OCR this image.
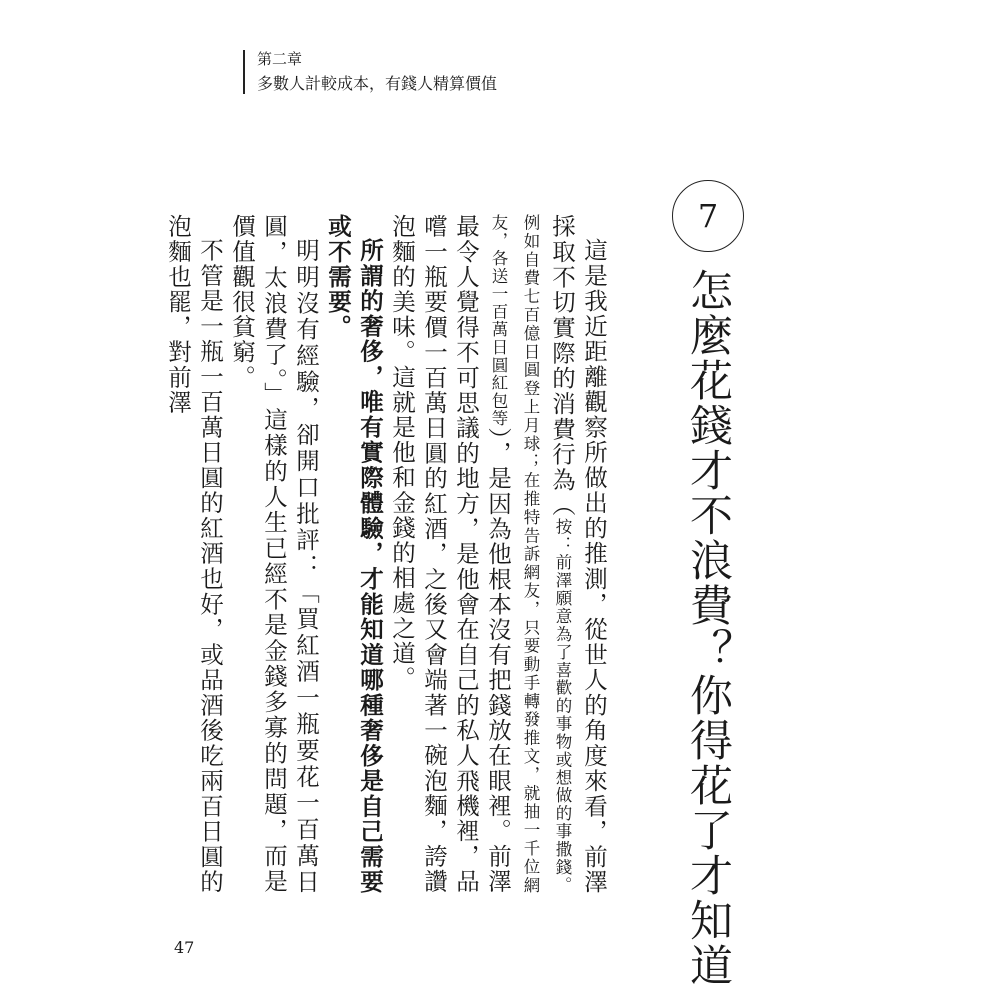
第二章
多數人計較成本，有錢人精算價值
7
怎麼花錢才不浪費？你得花了才知道

這是我近距離觀察所做出的推測，從世人的角度來看，前澤採取不切實際的消費行為（按：前澤願意為了喜歡的事物或想做的事撒錢。例如自費七百億日圓登上月球；在推特告訴網友，只要動手轉發推文，就抽一千位網友，各送一百萬日圓紅包等），是因為他根本沒有把錢放在眼裡。前澤最令人覺得不可思議的地方，是他會在自己的私人飛機裡，品嚐一瓶要價一百萬日圓的紅酒，之後又會端著一碗泡麵，誇讚泡麵的美味。這就是他和金錢的相處之道。

所謂的奢侈，唯有實際體驗，才能知道哪種奢侈是自己需要或不需要。

明明沒有經驗，卻開口批評：「買紅酒一瓶要花一百萬日圓，太浪費了。」這樣的人生已經不是金錢多寡的問題，而是價值觀很貧窮。

不管是一瓶一百萬日圓的紅酒也好，或品酒後吃兩百日圓的泡麵也罷，對前澤

47
